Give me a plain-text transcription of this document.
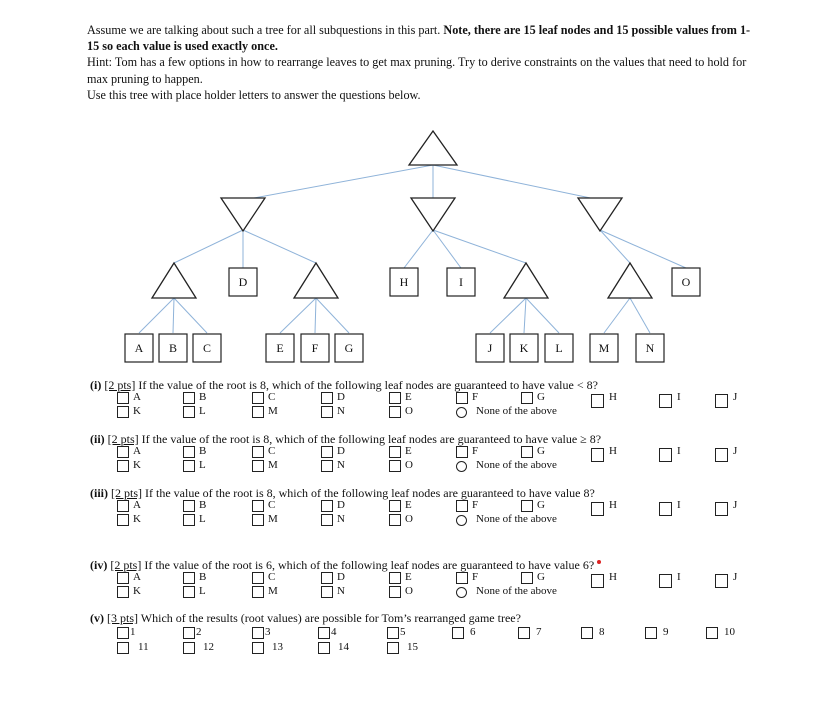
Assume we are talking about such a tree for all subquestions in this part. Note, there are 15 leaf nodes and 15 possible values from 1-15 so each value is used exactly once.

Hint: Tom has a few options in how to rearrange leaves to get max pruning. Try to derive constraints on the values that need to hold for max pruning to happen.

Use this tree with place holder letters to answer the questions below.

D	H	I	O
A B C	E F G	J K L	M	N
(i) [2 pts] If the value of the root is 8, which of the following leaf nodes are guaranteed to have value < 8?
A	B	C	D	E	F	G	H	I	J
K	L	M	N	O	None of the above
(ii) [2 pts] If the value of the root is 8, which of the following leaf nodes are guaranteed to have value ≥ 8?
A	B	C	D	E	F	G	H	I	J
K	L	M	N	O	None of the above
(iii) [2 pts] If the value of the root is 8, which of the following leaf nodes are guaranteed to have value 8?
A	B	C	D	E	F	G	H	I	J
K	L	M	N	O	None of the above
(iv) [2 pts] If the value of the root is 6, which of the following leaf nodes are guaranteed to have value 6?
A	B	C	D	E	F	G	H	I	J
K	L	M	N	O	None of the above
(v) [3 pts] Which of the results (root values) are possible for Tom’s rearranged game tree?
1	2	3	4	5	6	7	8	9	10
11	12	13	14	15
